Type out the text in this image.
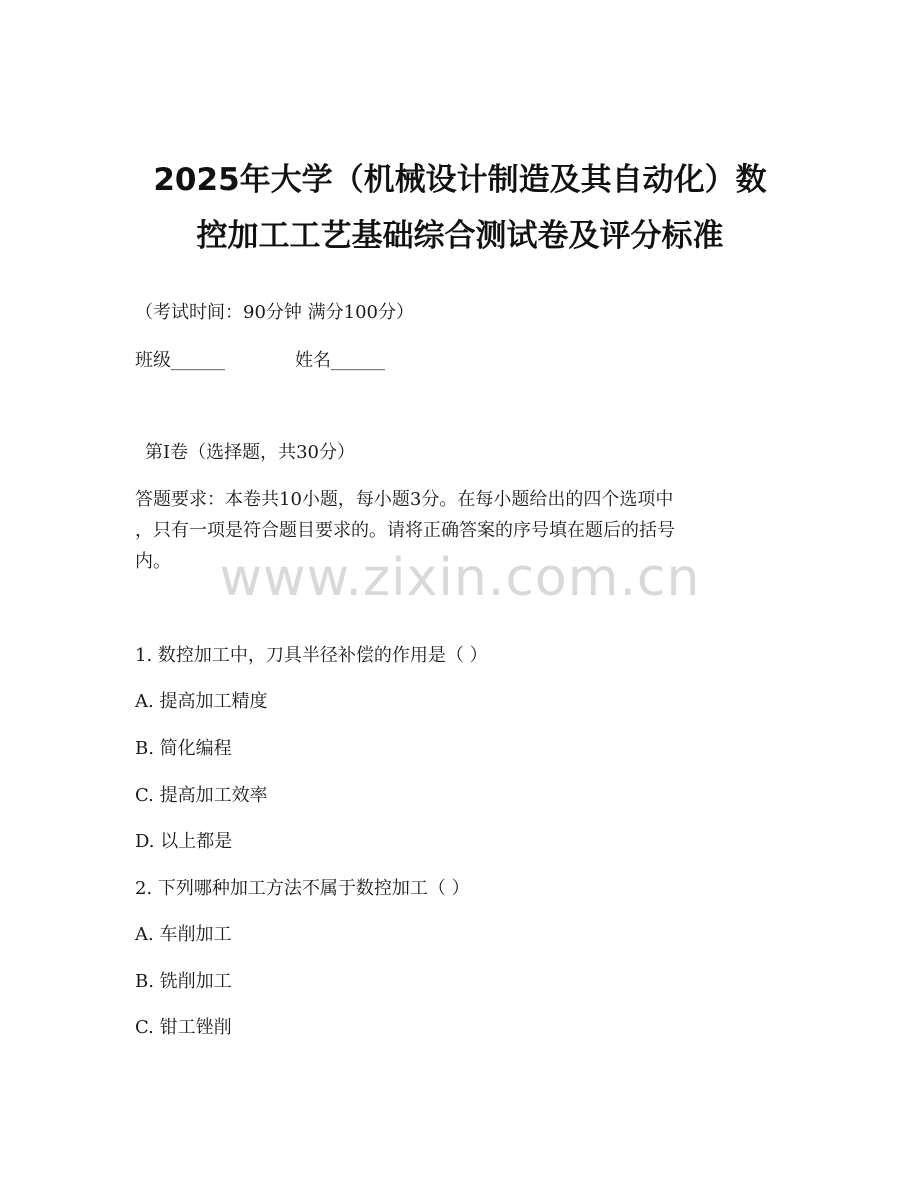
2025年大学（机械设计制造及其自动化）数
控加工工艺基础综合测试卷及评分标准
（考试时间：90分钟 满分100分）
班级______	姓名______
第I卷（选择题，共30分）
答题要求：本卷共10小题，每小题3分。在每小题给出的四个选项中
，只有一项是符合题目要求的。请将正确答案的序号填在题后的括号
内。 www.zixin.com.cn
1. 数控加工中，刀具半径补偿的作用是（ ）
A. 提高加工精度
B. 简化编程
C. 提高加工效率
D. 以上都是
2. 下列哪种加工方法不属于数控加工（ ）
A. 车削加工
B. 铣削加工
C. 钳工锉削
